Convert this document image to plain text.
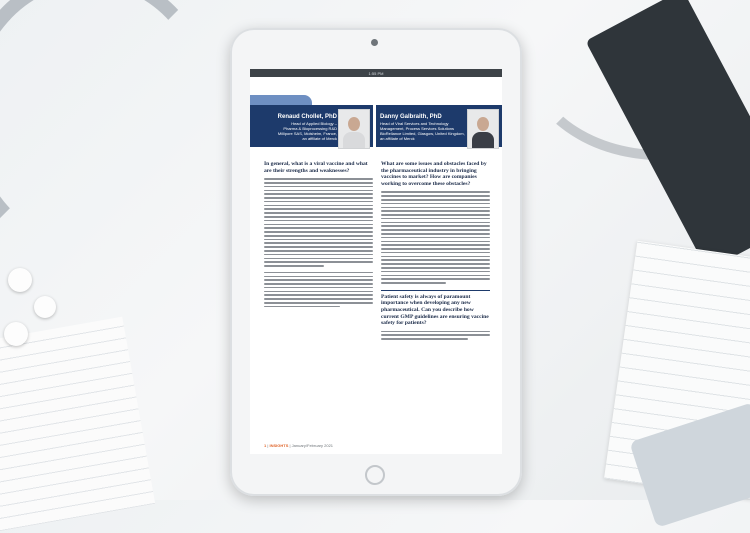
1:55 PM
Renaud Chollet, PhD
Head of Applied Biology –
Pharma & Bioprocessing R&D
Millipore SAS, Molsheim, France,
an affiliate of Merck
Danny Galbraith, PhD
Head of Viral Services and Technology
Management, Process Services Solutions
BioReliance Limited, Glasgow, United Kingdom,
an affiliate of Merck
In general, what is a viral vaccine and what are their strengths and weaknesses?
What are some issues and obstacles faced by the pharmaceutical industry in bringing vaccines to market? How are companies working to overcome these obstacles?
Patient safety is always of paramount importance when developing any new pharmaceutical. Can you describe how current GMP guidelines are ensuring vaccine safety for patients?
1 | INSIGHTS | January/February 2021
